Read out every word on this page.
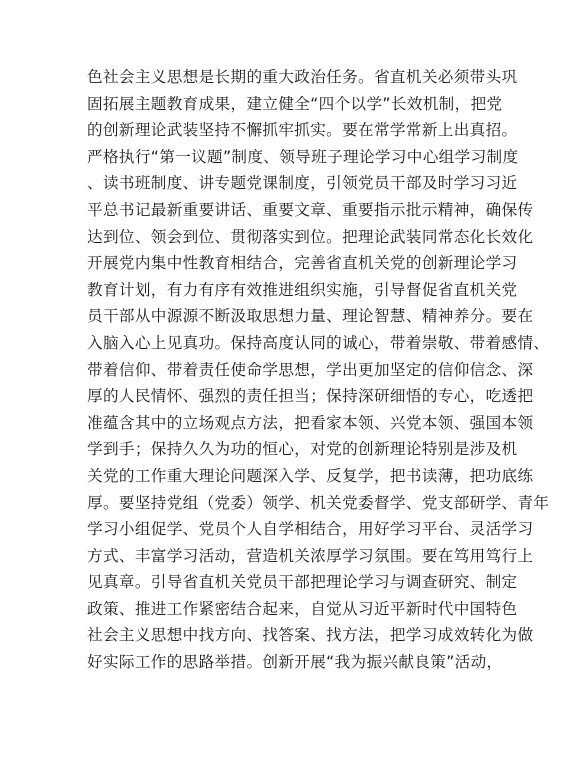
色社会主义思想是长期的重大政治任务。省直机关必须带头巩
固拓展主题教育成果，建立健全“四个以学”长效机制，把党
的创新理论武装坚持不懈抓牢抓实。要在常学常新上出真招。
严格执行“第一议题”制度、领导班子理论学习中心组学习制度
、读书班制度、讲专题党课制度，引领党员干部及时学习习近
平总书记最新重要讲话、重要文章、重要指示批示精神，确保传
达到位、领会到位、贯彻落实到位。把理论武装同常态化长效化
开展党内集中性教育相结合，完善省直机关党的创新理论学习
教育计划，有力有序有效推进组织实施，引导督促省直机关党
员干部从中源源不断汲取思想力量、理论智慧、精神养分。要在
入脑入心上见真功。保持高度认同的诚心，带着崇敬、带着感情、
带着信仰、带着责任使命学思想，学出更加坚定的信仰信念、深
厚的人民情怀、强烈的责任担当；保持深研细悟的专心，吃透把
准蕴含其中的立场观点方法，把看家本领、兴党本领、强国本领
学到手；保持久久为功的恒心，对党的创新理论特别是涉及机
关党的工作重大理论问题深入学、反复学，把书读薄，把功底练
厚。要坚持党组（党委）领学、机关党委督学、党支部研学、青年
学习小组促学、党员个人自学相结合，用好学习平台、灵活学习
方式、丰富学习活动，营造机关浓厚学习氛围。要在笃用笃行上
见真章。引导省直机关党员干部把理论学习与调查研究、制定
政策、推进工作紧密结合起来，自觉从习近平新时代中国特色
社会主义思想中找方向、找答案、找方法，把学习成效转化为做
好实际工作的思路举措。创新开展“我为振兴献良策”活动，
